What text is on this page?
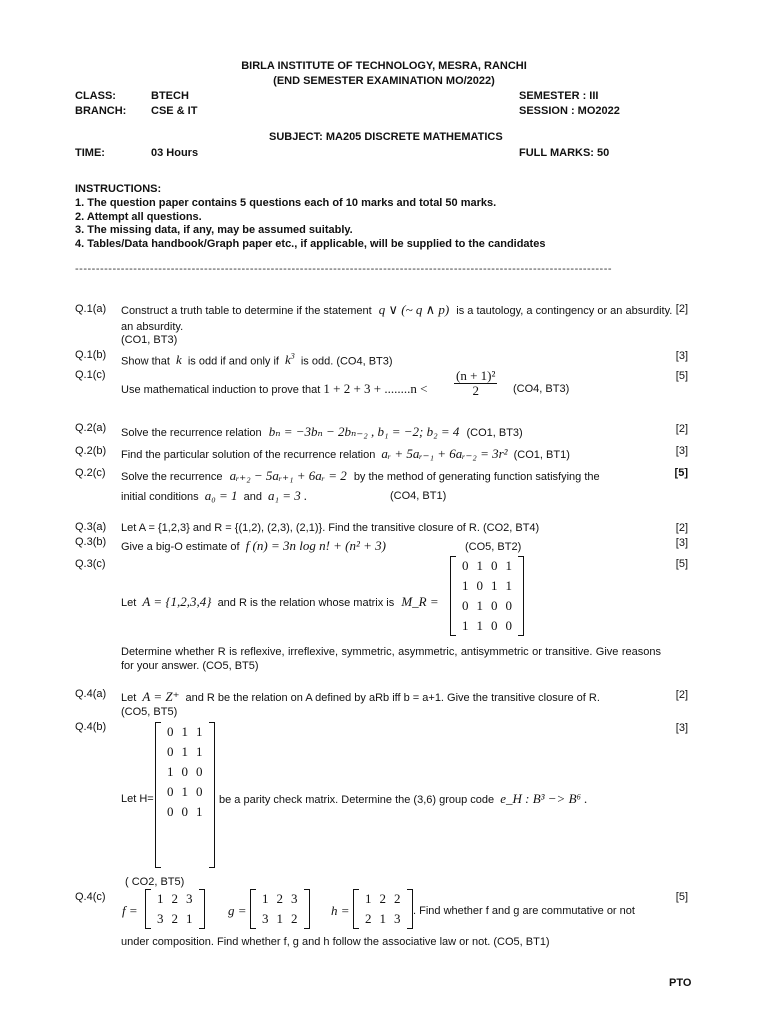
BIRLA INSTITUTE OF TECHNOLOGY, MESRA, RANCHI
(END SEMESTER EXAMINATION MO/2022)
CLASS:	BTECH	SEMESTER : III
BRANCH: CSE & IT	SESSION : MO2022
SUBJECT: MA205 DISCRETE MATHEMATICS
TIME:	03 Hours	FULL MARKS: 50
INSTRUCTIONS:
1. The question paper contains 5 questions each of 10 marks and total 50 marks.
2. Attempt all questions.
3. The missing data, if any, may be assumed suitably.
4. Tables/Data handbook/Graph paper etc., if applicable, will be supplied to the candidates
---------------------------------------------------------------------------------------------------------------------------------
Q.1(a)	[2]
Construct a truth table to determine if the statement q ∨ (~ q ∧ p) is a tautology, a contingency or an absurdity.
an absurdity.
(CO1, BT3)
Q.1(b)	[3]
Show that k is odd if and only if $k^3$ is odd. (CO4, BT3)
Q.1(c)	[5]
Use mathematical induction to prove that $1 + 2 + 3 + ........n < \frac{\text{(n + 1)²}}{2} (CO4$, BT3)
Q.2(a)	[2]
Solve the recurrence relation bₙ = −3bₙ − 2bₙ₋₂ , b₁ = −2; b₂ = 4 (CO1, BT3)
Q.2(b)	[3]
Find the particular solution of the recurrence relation aᵣ + 5aᵣ₋₁ + 6aᵣ₋₂ = 3r² (CO1, BT1)
Q.2(c)	[5]
Solve the recurrence aᵣ₊₂ − 5aᵣ₊₁ + 6aᵣ = 2 by the method of generating function satisfying the
initial conditions a₀ = 1 and a₁ = 3 .	(CO4, BT1)
Q.3(a)	[2]
Let A = {1,2,3} and R = {(1,2), (2,3), (2,1)}. Find the transitive closure of R. (CO2, BT4)
Q.3(b)	[3]
Give a big-O estimate of f (n) = 3n log n! + (n² + 3)	(CO5, BT2)
Q.3(c)	[5]
Let A = {1,2,3,4} and R is the relation whose matrix is M_R =
0	1	0	1
1	0	1	1
0	1	0	0
1	1	0	0
Determine whether R is reflexive, irreflexive, symmetric, asymmetric, antisymmetric or transitive. Give reasons for your answer. (CO5, BT5)
Q.4(a)	[2]
Let A = Z⁺ and R be the relation on A defined by aRb iff b = a+1. Give the transitive closure of R.
(CO5, BT5)
Q.4(b)	[3]
0	1	1
0	1	1
1	0	0
0	1	0
0	0	1
Let H=	be a parity check matrix. Determine the (3,6) group code e_H : B³ −> B⁶ .
( CO2, BT5)
Q.4(c)	[5]
f =
1	2	3
3	2	1
g =
1	2	3
3	1	2
h =
1	2	2
2	1	3 . Find whether f and g are commutative or not
under composition. Find whether f, g and h follow the associative law or not. (CO5, BT1)
PTO
